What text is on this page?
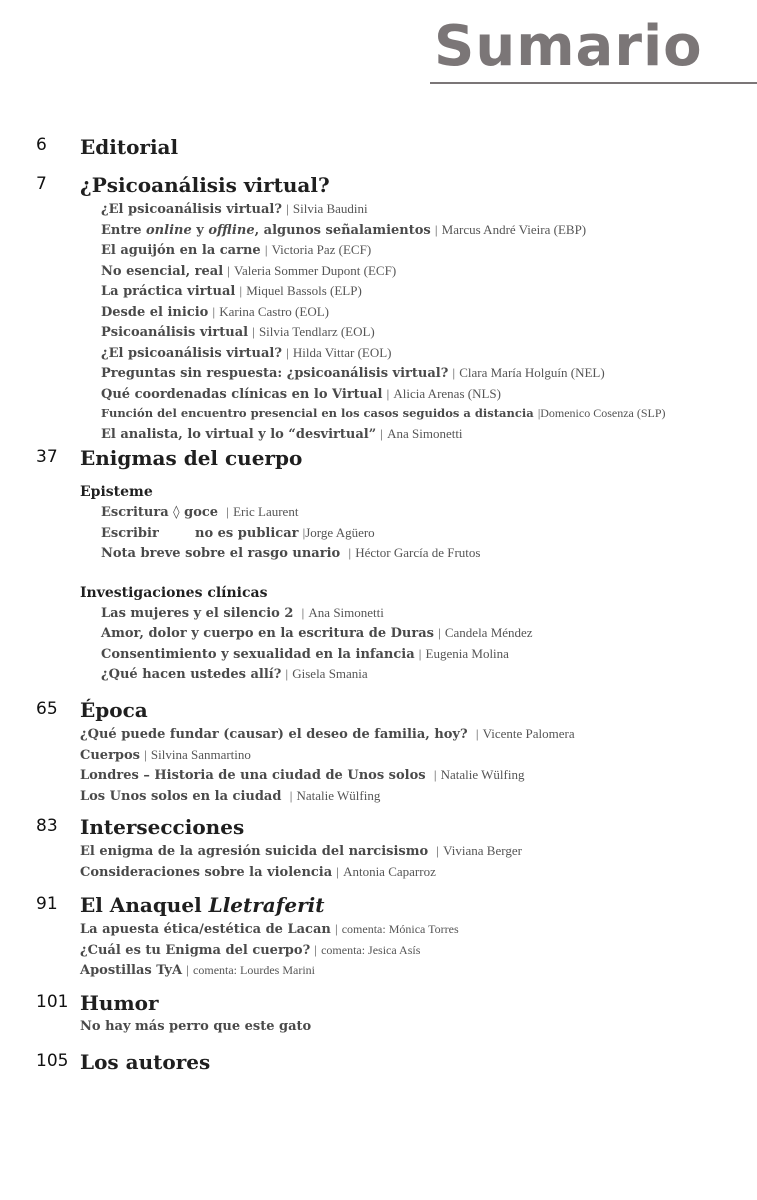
Sumario
6 Editorial
7 ¿Psicoanálisis virtual?
¿El psicoanálisis virtual? | Silvia Baudini
Entre online y offline, algunos señalamientos | Marcus André Vieira (EBP)
El aguijón en la carne | Victoria Paz (ECF)
No esencial, real | Valeria Sommer Dupont (ECF)
La práctica virtual | Miquel Bassols (ELP)
Desde el inicio | Karina Castro (EOL)
Psicoanálisis virtual | Silvia Tendlarz (EOL)
¿El psicoanálisis virtual? | Hilda Vittar (EOL)
Preguntas sin respuesta: ¿psicoanálisis virtual? | Clara María Holguín (NEL)
Qué coordenadas clínicas en lo Virtual | Alicia Arenas (NLS)
Función del encuentro presencial en los casos seguidos a distancia |Domenico Cosenza (SLP)
El analista, lo virtual y lo “desvirtual” | Ana Simonetti
37 Enigmas del cuerpo
Episteme
Escritura ◊ goce | Eric Laurent
Escribir        no es publicar |Jorge Agüero
Nota breve sobre el rasgo unario | Héctor García de Frutos
Investigaciones clínicas
Las mujeres y el silencio 2 | Ana Simonetti
Amor, dolor y cuerpo en la escritura de Duras | Candela Méndez
Consentimiento y sexualidad en la infancia | Eugenia Molina
¿Qué hacen ustedes allí? | Gisela Smania
65 Época
¿Qué puede fundar (causar) el deseo de familia, hoy? | Vicente Palomera
Cuerpos | Silvina Sanmartino
Londres – Historia de una ciudad de Unos solos | Natalie Wülfing
Los Unos solos en la ciudad | Natalie Wülfing
83 Intersecciones
El enigma de la agresión suicida del narcisismo | Viviana Berger
Consideraciones sobre la violencia | Antonia Caparroz
91 El Anaquel Lletraferit
La apuesta ética/estética de Lacan | comenta: Mónica Torres
¿Cuál es tu Enigma del cuerpo? | comenta: Jesica Asís
Apostillas TyA | comenta: Lourdes Marini
101 Humor
No hay más perro que este gato
105 Los autores
